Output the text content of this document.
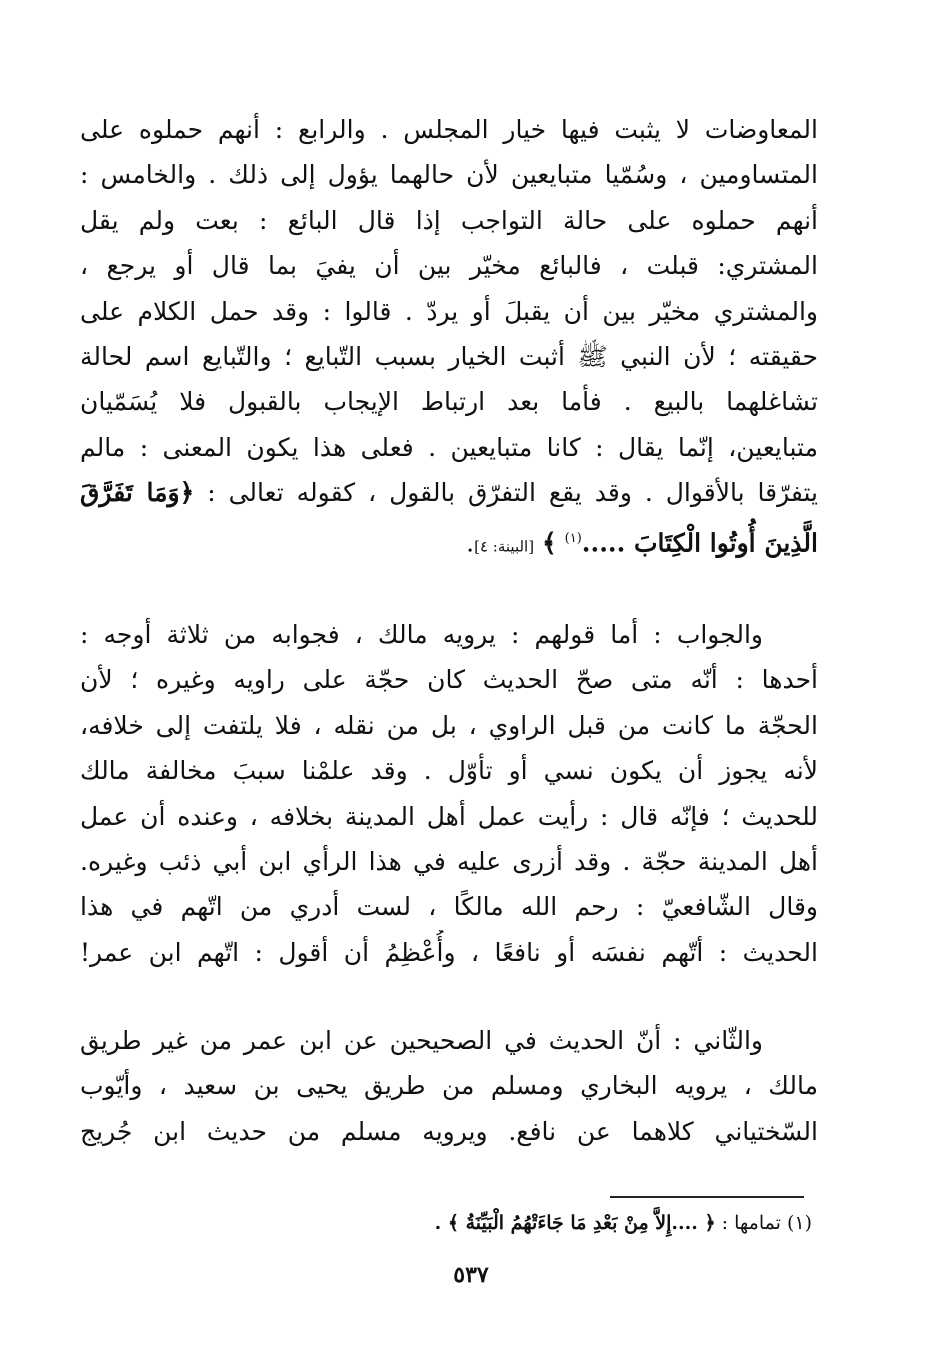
المعاوضات لا يثبت فيها خيار المجلس . والرابع : أنهم حملوه على
المتساومين ، وسُمّيا متبايعين لأن حالهما يؤول إلى ذلك . والخامس :
أنهم حملوه على حالة التواجب إذا قال البائع : بعت ولم يقل
المشتري: قبلت ، فالبائع مخيّر بين أن يفيَ بما قال أو يرجع ،
والمشتري مخيّر بين أن يقبلَ أو يردّ . قالوا : وقد حمل الكلام على
حقيقته ؛ لأن النبي ﷺ أثبت الخيار بسبب التّبايع ؛ والتّبايع اسم لحالة
تشاغلهما بالبيع . فأما بعد ارتباط الإيجاب بالقبول فلا يُسَمّيان
متبايعين، إنّما يقال : كانا متبايعين . فعلى هذا يكون المعنى : مالم
يتفرّقا بالأقوال . وقد يقع التفرّق بالقول ، كقوله تعالى : ﴿وَمَا تَفَرَّقَ
الَّذِينَ أُوتُوا الْكِتَابَ .....$^{(١)}$ ﴾ [البينة: ٤].
والجواب : أما قولهم : يرويه مالك ، فجوابه من ثلاثة أوجه :
أحدها : أنّه متى صحّ الحديث كان حجّة على راويه وغيره ؛ لأن
الحجّة ما كانت من قبل الراوي ، بل من نقله ، فلا يلتفت إلى خلافه،
لأنه يجوز أن يكون نسي أو تأوّل . وقد علمْنا سببَ مخالفة مالك
للحديث ؛ فإنّه قال : رأيت عمل أهل المدينة بخلافه ، وعنده أن عمل
أهل المدينة حجّة . وقد أزرى عليه في هذا الرأي ابن أبي ذئب وغيره.
وقال الشّافعيّ : رحم الله مالكًا ، لست أدري من اتّهم في هذا
الحديث : أتّهم نفسَه أو نافعًا ، وأُعْظِمُ أن أقول : اتّهم ابن عمر!
والثّاني : أنّ الحديث في الصحيحين عن ابن عمر من غير طريق
مالك ، يرويه البخاري ومسلم من طريق يحيى بن سعيد ، وأيّوب
السّختياني كلاهما عن نافع. ويرويه مسلم من حديث ابن جُريج
(١) تمامها : ﴿ ....إِلاَّ مِنْ بَعْدِ مَا جَاءَتْهُمُ الْبَيِّنَةُ ﴾ .
٥٣٧
